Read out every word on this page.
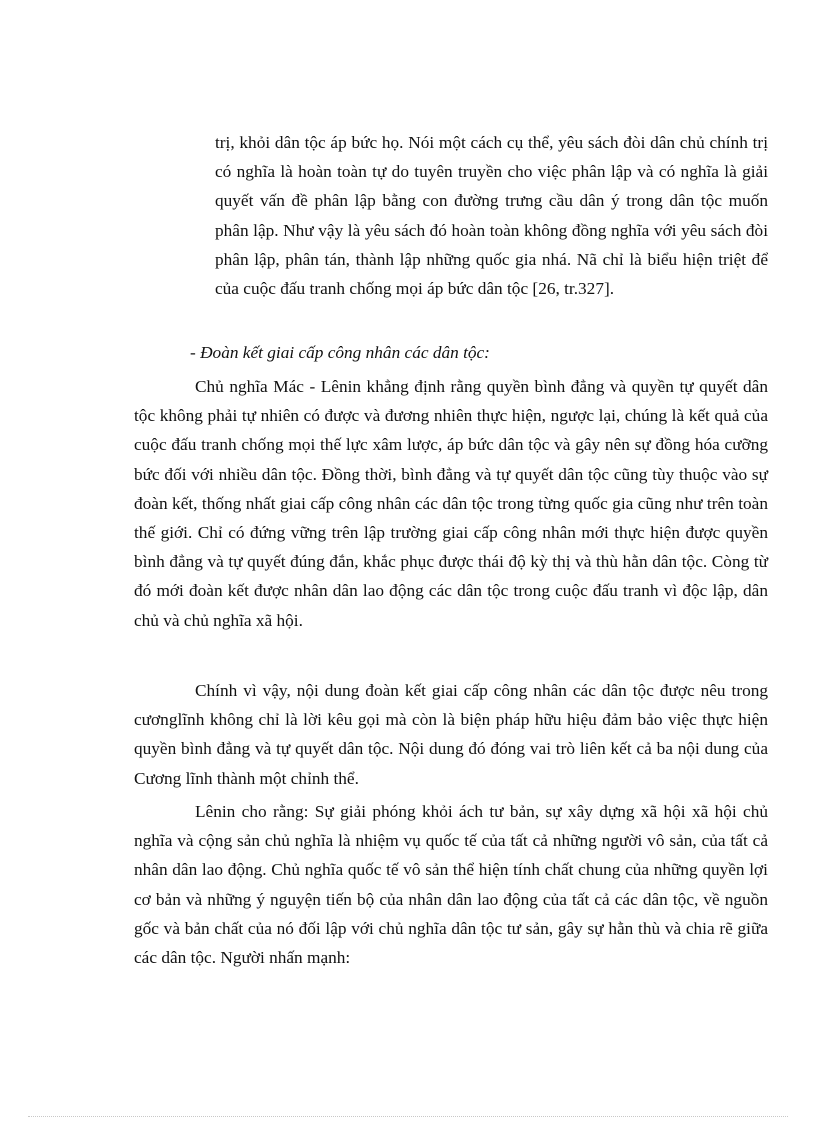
trị, khỏi dân tộc áp bức họ. Nói một cách cụ thể, yêu sách đòi dân chủ chính trị có nghĩa là hoàn toàn tự do tuyên truyền cho việc phân lập và có nghĩa là giải quyết vấn đề phân lập bằng con đường trưng cầu dân ý trong dân tộc muốn phân lập. Như vậy là yêu sách đó hoàn toàn không đồng nghĩa với yêu sách đòi phân lập, phân tán, thành lập những quốc gia nhá. Nã chỉ là biểu hiện triệt để của cuộc đấu tranh chống mọi áp bức dân tộc [26, tr.327].
- Đoàn kết giai cấp công nhân các dân tộc:

Chủ nghĩa Mác - Lênin khẳng định rằng quyền bình đẳng và quyền tự quyết dân tộc không phải tự nhiên có được và đương nhiên thực hiện, ngược lại, chúng là kết quả của cuộc đấu tranh chống mọi thế lực xâm lược, áp bức dân tộc và gây nên sự đồng hóa cưỡng bức đối với nhiều dân tộc. Đồng thời, bình đẳng và tự quyết dân tộc cũng tùy thuộc vào sự đoàn kết, thống nhất giai cấp công nhân các dân tộc trong từng quốc gia cũng như trên toàn thế giới. Chỉ có đứng vững trên lập trường giai cấp công nhân mới thực hiện được quyền bình đẳng và tự quyết đúng đắn, khắc phục được thái độ kỳ thị và thù hằn dân tộc. Còng từ đó mới đoàn kết được nhân dân lao động các dân tộc trong cuộc đấu tranh vì độc lập, dân chủ và chủ nghĩa xã hội.

Chính vì vậy, nội dung đoàn kết giai cấp công nhân các dân tộc được nêu trong cươnglĩnh không chỉ là lời kêu gọi mà còn là biện pháp hữu hiệu đảm bảo việc thực hiện quyền bình đẳng và tự quyết dân tộc. Nội dung đó đóng vai trò liên kết cả ba nội dung của Cương lĩnh thành một chỉnh thể.

Lênin cho rằng: Sự giải phóng khỏi ách tư bản, sự xây dựng xã hội xã hội chủ nghĩa và cộng sản chủ nghĩa là nhiệm vụ quốc tế của tất cả những người vô sản, của tất cả nhân dân lao động. Chủ nghĩa quốc tế vô sản thể hiện tính chất chung của những quyền lợi cơ bản và những ý nguyện tiến bộ của nhân dân lao động của tất cả các dân tộc, về nguồn gốc và bản chất của nó đối lập với chủ nghĩa dân tộc tư sản, gây sự hằn thù và chia rẽ giữa các dân tộc. Người nhấn mạnh:
